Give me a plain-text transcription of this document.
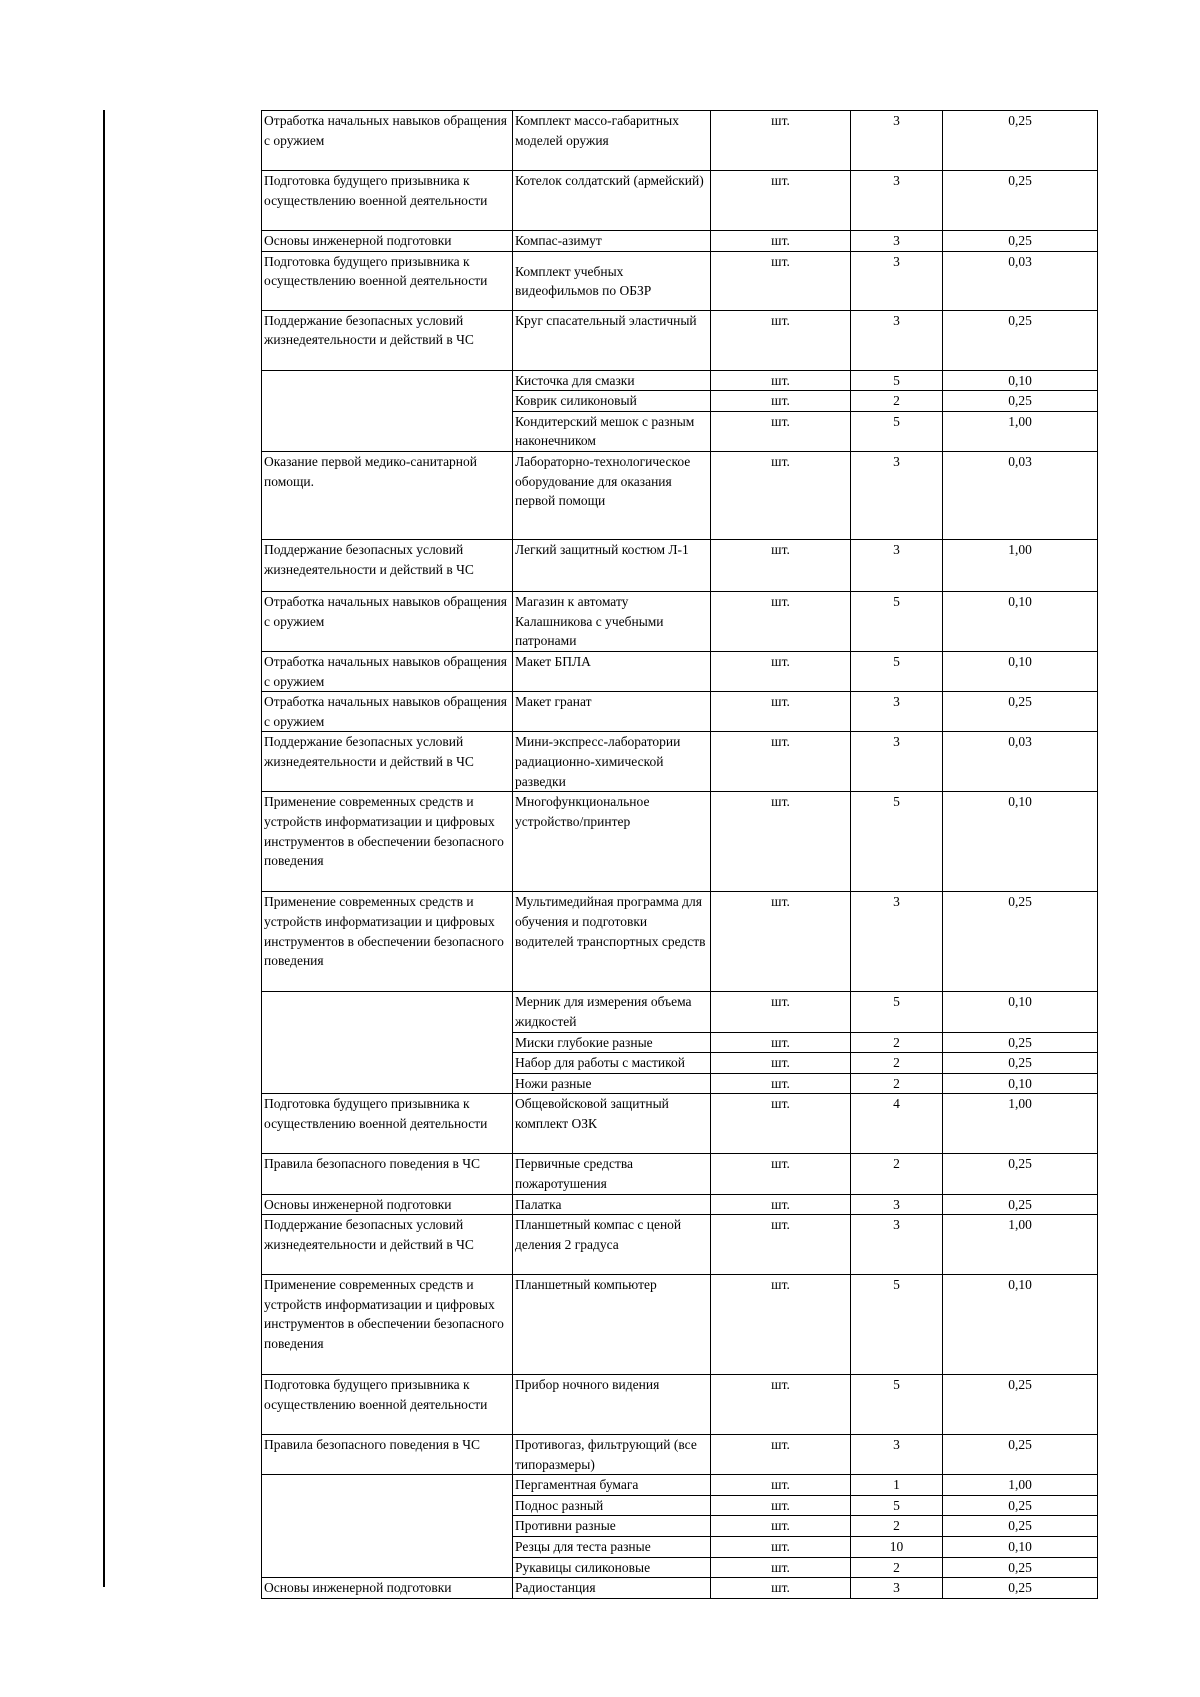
Отработка начальных навыков обращения с оружием	Комплект массо-габаритных моделей оружия	шт.	3	0,25
Подготовка будущего призывника к осуществлению военной деятельности	Котелок солдатский (армейский)	шт.	3	0,25
Основы инженерной подготовки	Компас-азимут	шт.	3	0,25
Подготовка будущего призывника к осуществлению военной деятельности	Комплект учебных видеофильмов по ОБЗР	шт.	3	0,03
Поддержание безопасных условий жизнедеятельности и действий в ЧС	Круг спасательный эластичный	шт.	3	0,25
	Кисточка для смазки	шт.	5	0,10
	Коврик силиконовый	шт.	2	0,25
	Кондитерский мешок с разным наконечником	шт.	5	1,00
Оказание первой медико-санитарной помощи.	Лабораторно-технологическое оборудование для оказания первой помощи	шт.	3	0,03
Поддержание безопасных условий жизнедеятельности и действий в ЧС	Легкий защитный костюм Л-1	шт.	3	1,00
Отработка начальных навыков обращения с оружием	Магазин к автомату Калашникова с учебными патронами	шт.	5	0,10
Отработка начальных навыков обращения с оружием	Макет БПЛА	шт.	5	0,10
Отработка начальных навыков обращения с оружием	Макет гранат	шт.	3	0,25
Поддержание безопасных условий жизнедеятельности и действий в ЧС	Мини-экспресс-лаборатории радиационно-химической разведки	шт.	3	0,03
Применение современных средств и устройств информатизации и цифровых инструментов в обеспечении безопасного поведения	Многофункциональное устройство/принтер	шт.	5	0,10
Применение современных средств и устройств информатизации и цифровых инструментов в обеспечении безопасного поведения	Мультимедийная программа для обучения и подготовки водителей транспортных средств	шт.	3	0,25
	Мерник для измерения объема жидкостей	шт.	5	0,10
	Миски глубокие разные	шт.	2	0,25
	Набор для работы с мастикой	шт.	2	0,25
	Ножи разные	шт.	2	0,10
Подготовка будущего призывника к осуществлению военной деятельности	Общевойсковой защитный комплект ОЗК	шт.	4	1,00
Правила безопасного поведения в ЧС	Первичные средства пожаротушения	шт.	2	0,25
Основы инженерной подготовки	Палатка	шт.	3	0,25
Поддержание безопасных условий жизнедеятельности и действий в ЧС	Планшетный компас с ценой деления 2 градуса	шт.	3	1,00
Применение современных средств и устройств информатизации и цифровых инструментов в обеспечении безопасного поведения	Планшетный компьютер	шт.	5	0,10
Подготовка будущего призывника к осуществлению военной деятельности	Прибор ночного видения	шт.	5	0,25
Правила безопасного поведения в ЧС	Противогаз, фильтрующий (все типоразмеры)	шт.	3	0,25
	Пергаментная бумага	шт.	1	1,00
	Поднос разный	шт.	5	0,25
	Противни разные	шт.	2	0,25
	Резцы для теста разные	шт.	10	0,10
	Рукавицы силиконовые	шт.	2	0,25
Основы инженерной подготовки	Радиостанция	шт.	3	0,25
